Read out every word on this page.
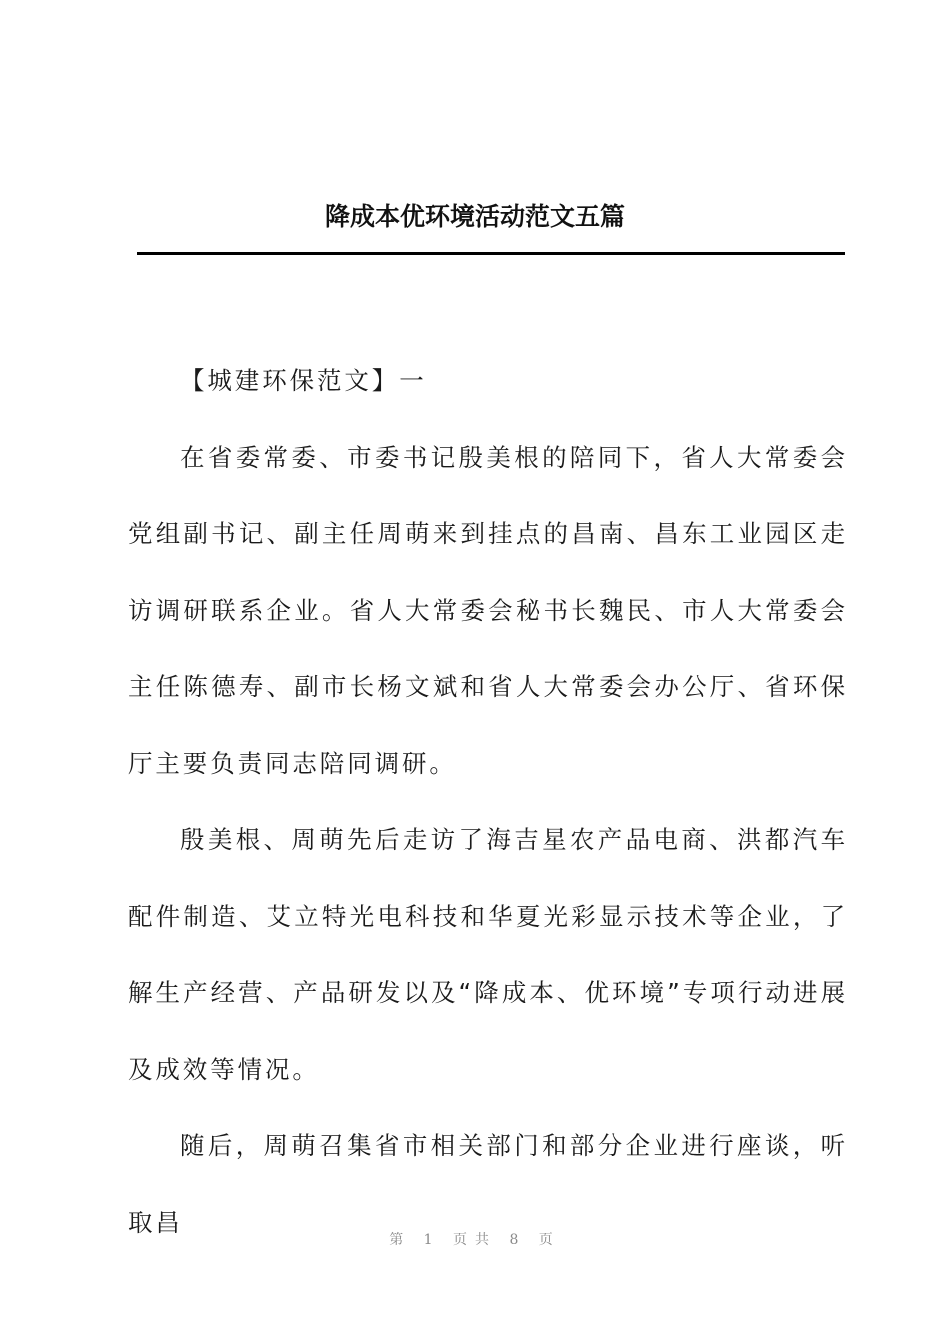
降成本优环境活动范文五篇

【城建环保范文】一

在省委常委、市委书记殷美根的陪同下，省人大常委会党组副书记、副主任周萌来到挂点的昌南、昌东工业园区走访调研联系企业。省人大常委会秘书长魏民、市人大常委会主任陈德寿、副市长杨文斌和省人大常委会办公厅、省环保厅主要负责同志陪同调研。

殷美根、周萌先后走访了海吉星农产品电商、洪都汽车配件制造、艾立特光电科技和华夏光彩显示技术等企业，了解生产经营、产品研发以及“降成本、优环境”专项行动进展及成效等情况。

随后，周萌召集省市相关部门和部分企业进行座谈，听取昌

第 1 页共 8 页
